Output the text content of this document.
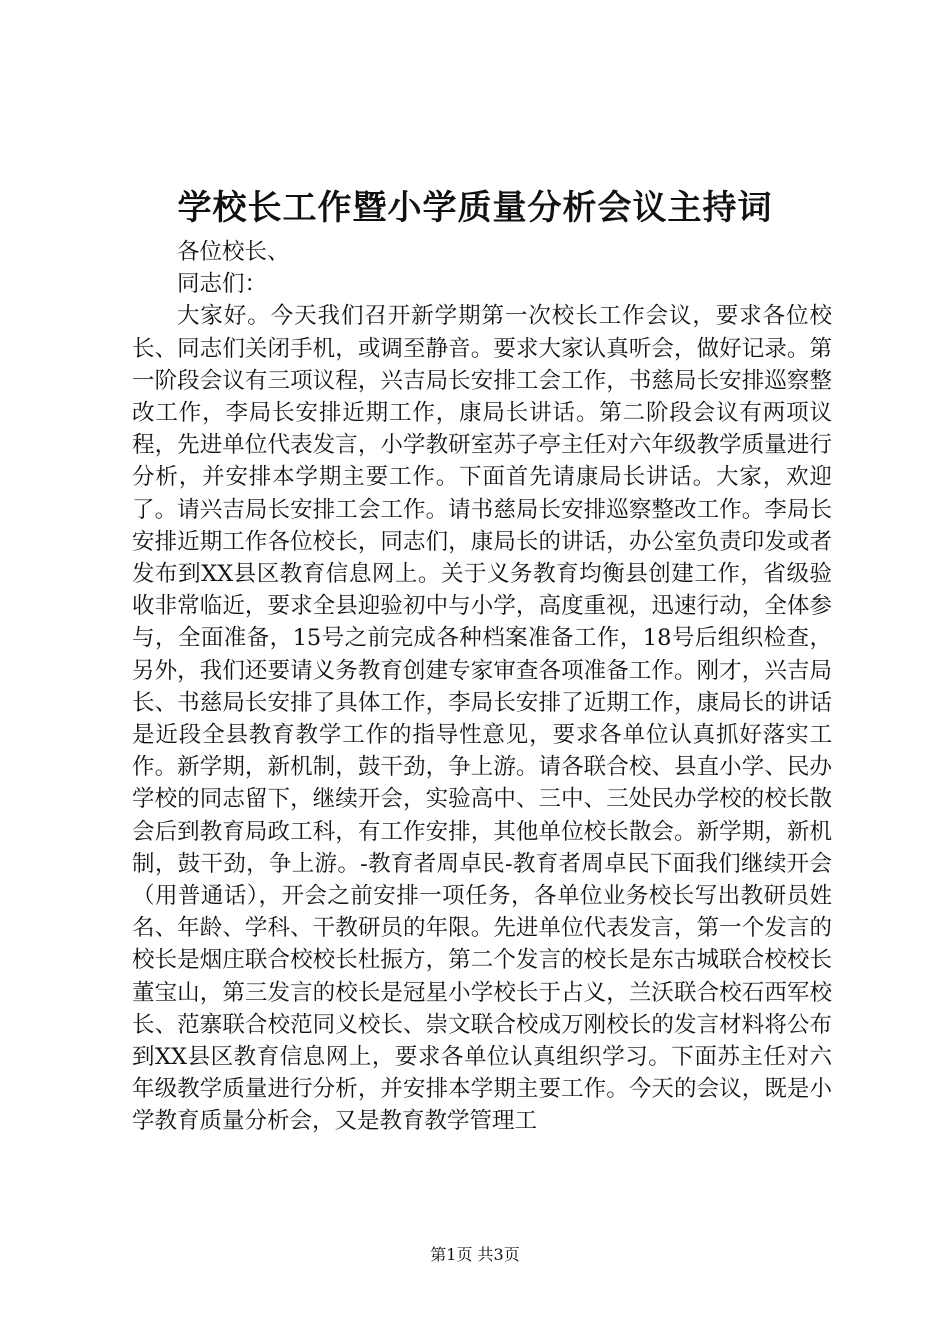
学校长工作暨小学质量分析会议主持词

各位校长、

同志们：

大家好。今天我们召开新学期第一次校长工作会议，要求各位校长、同志们关闭手机，或调至静音。要求大家认真听会，做好记录。第一阶段会议有三项议程，兴吉局长安排工会工作，书慈局长安排巡察整改工作，李局长安排近期工作，康局长讲话。第二阶段会议有两项议程，先进单位代表发言，小学教研室苏子亭主任对六年级教学质量进行分析，并安排本学期主要工作。下面首先请康局长讲话。大家，欢迎了。请兴吉局长安排工会工作。请书慈局长安排巡察整改工作。李局长安排近期工作各位校长，同志们，康局长的讲话，办公室负责印发或者发布到XX县区教育信息网上。关于义务教育均衡县创建工作，省级验收非常临近，要求全县迎验初中与小学，高度重视，迅速行动，全体参与，全面准备，15号之前完成各种档案准备工作，18号后组织检查，另外，我们还要请义务教育创建专家审查各项准备工作。刚才，兴吉局长、书慈局长安排了具体工作，李局长安排了近期工作，康局长的讲话是近段全县教育教学工作的指导性意见，要求各单位认真抓好落实工作。新学期，新机制，鼓干劲，争上游。请各联合校、县直小学、民办学校的同志留下，继续开会，实验高中、三中、三处民办学校的校长散会后到教育局政工科，有工作安排，其他单位校长散会。新学期，新机制，鼓干劲，争上游。-教育者周卓民-教育者周卓民下面我们继续开会（用普通话），开会之前安排一项任务，各单位业务校长写出教研员姓名、年龄、学科、干教研员的年限。先进单位代表发言，第一个发言的校长是烟庄联合校校长杜振方，第二个发言的校长是东古城联合校校长董宝山，第三发言的校长是冠星小学校长于占义，兰沃联合校石西军校长、范寨联合校范同义校长、崇文联合校成万刚校长的发言材料将公布到XX县区教育信息网上，要求各单位认真组织学习。下面苏主任对六年级教学质量进行分析，并安排本学期主要工作。今天的会议，既是小学教育质量分析会，又是教育教学管理工

第1页 共3页
